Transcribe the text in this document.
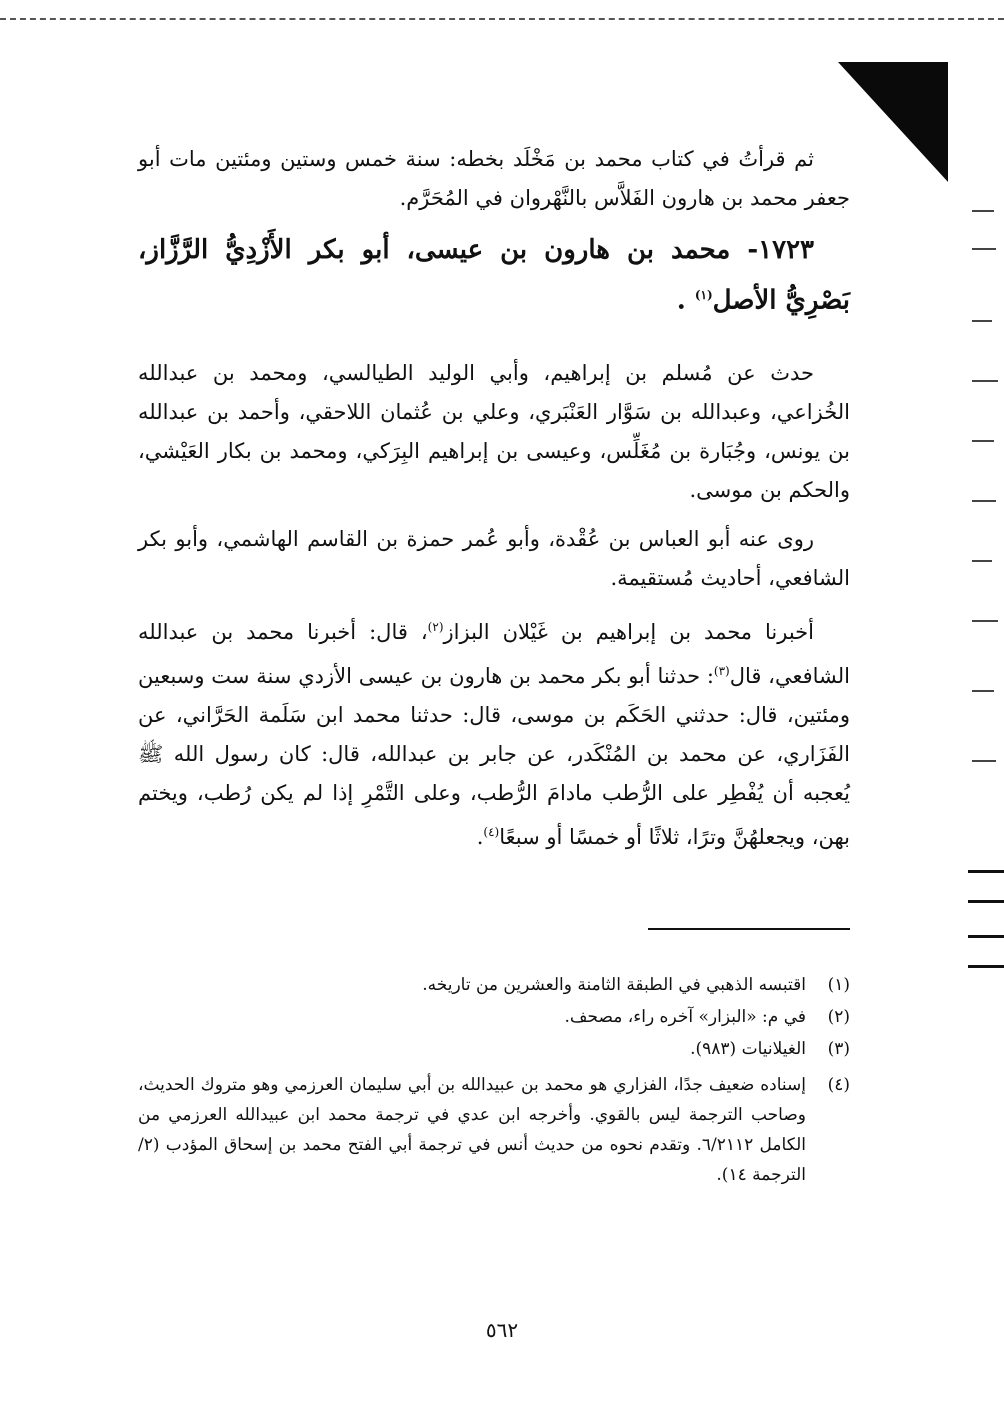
ثم قرأتُ في كتاب محمد بن مَخْلَد بخطه: سنة خمس وستين ومئتين مات أبو جعفر محمد بن هارون الفَلاَّس بالنَّهْروان في المُحَرَّم.

١٧٢٣- محمد بن هارون بن عيسى، أبو بكر الأَزْدِيُّ الرَّزَّاز، بَصْرِيُّ الأصل$^{(١)}$ .

حدث عن مُسلم بن إبراهيم، وأبي الوليد الطيالسي، ومحمد بن عبدالله الخُزاعي، وعبدالله بن سَوَّار العَنْبَري، وعلي بن عُثمان اللاحقي، وأحمد بن عبدالله بن يونس، وجُبَارة بن مُغَلِّس، وعيسى بن إبراهيم البِرَكي، ومحمد بن بكار العَيْشي، والحكم بن موسى.

روى عنه أبو العباس بن عُقْدة، وأبو عُمر حمزة بن القاسم الهاشمي، وأبو بكر الشافعي، أحاديث مُستقيمة.

أخبرنا محمد بن إبراهيم بن غَيْلان البزاز$^{(٢)}$، قال: أخبرنا محمد بن عبدالله الشافعي، قال$^{(٣)}$: حدثنا أبو بكر محمد بن هارون بن عيسى الأزدي سنة ست وسبعين ومئتين، قال: حدثني الحَكَم بن موسى، قال: حدثنا محمد ابن سَلَمة الحَرَّاني، عن الفَزَاري، عن محمد بن المُنْكَدر، عن جابر بن عبدالله، قال: كان رسول الله ﷺ يُعجبه أن يُفْطِر على الرُّطب مادامَ الرُّطب، وعلى التَّمْرِ إذا لم يكن رُطب، ويختم بهن، ويجعلهُنَّ وترًا، ثلاثًا أو خمسًا أو سبعًا$^{(٤)}$.

(١)
اقتبسه الذهبي في الطبقة الثامنة والعشرين من تاريخه.
(٢)
في م: «البزار» آخره راء، مصحف.
(٣)
الغيلانيات (٩٨٣).
(٤)
إسناده ضعيف جدًا، الفزاري هو محمد بن عبيدالله بن أبي سليمان العرزمي وهو متروك الحديث، وصاحب الترجمة ليس بالقوي. وأخرجه ابن عدي في ترجمة محمد ابن عبيدالله العرزمي من الكامل ٦/٢١١٢. وتقدم نحوه من حديث أنس في ترجمة أبي الفتح محمد بن إسحاق المؤدب (٢/الترجمة ١٤).
٥٦٢
